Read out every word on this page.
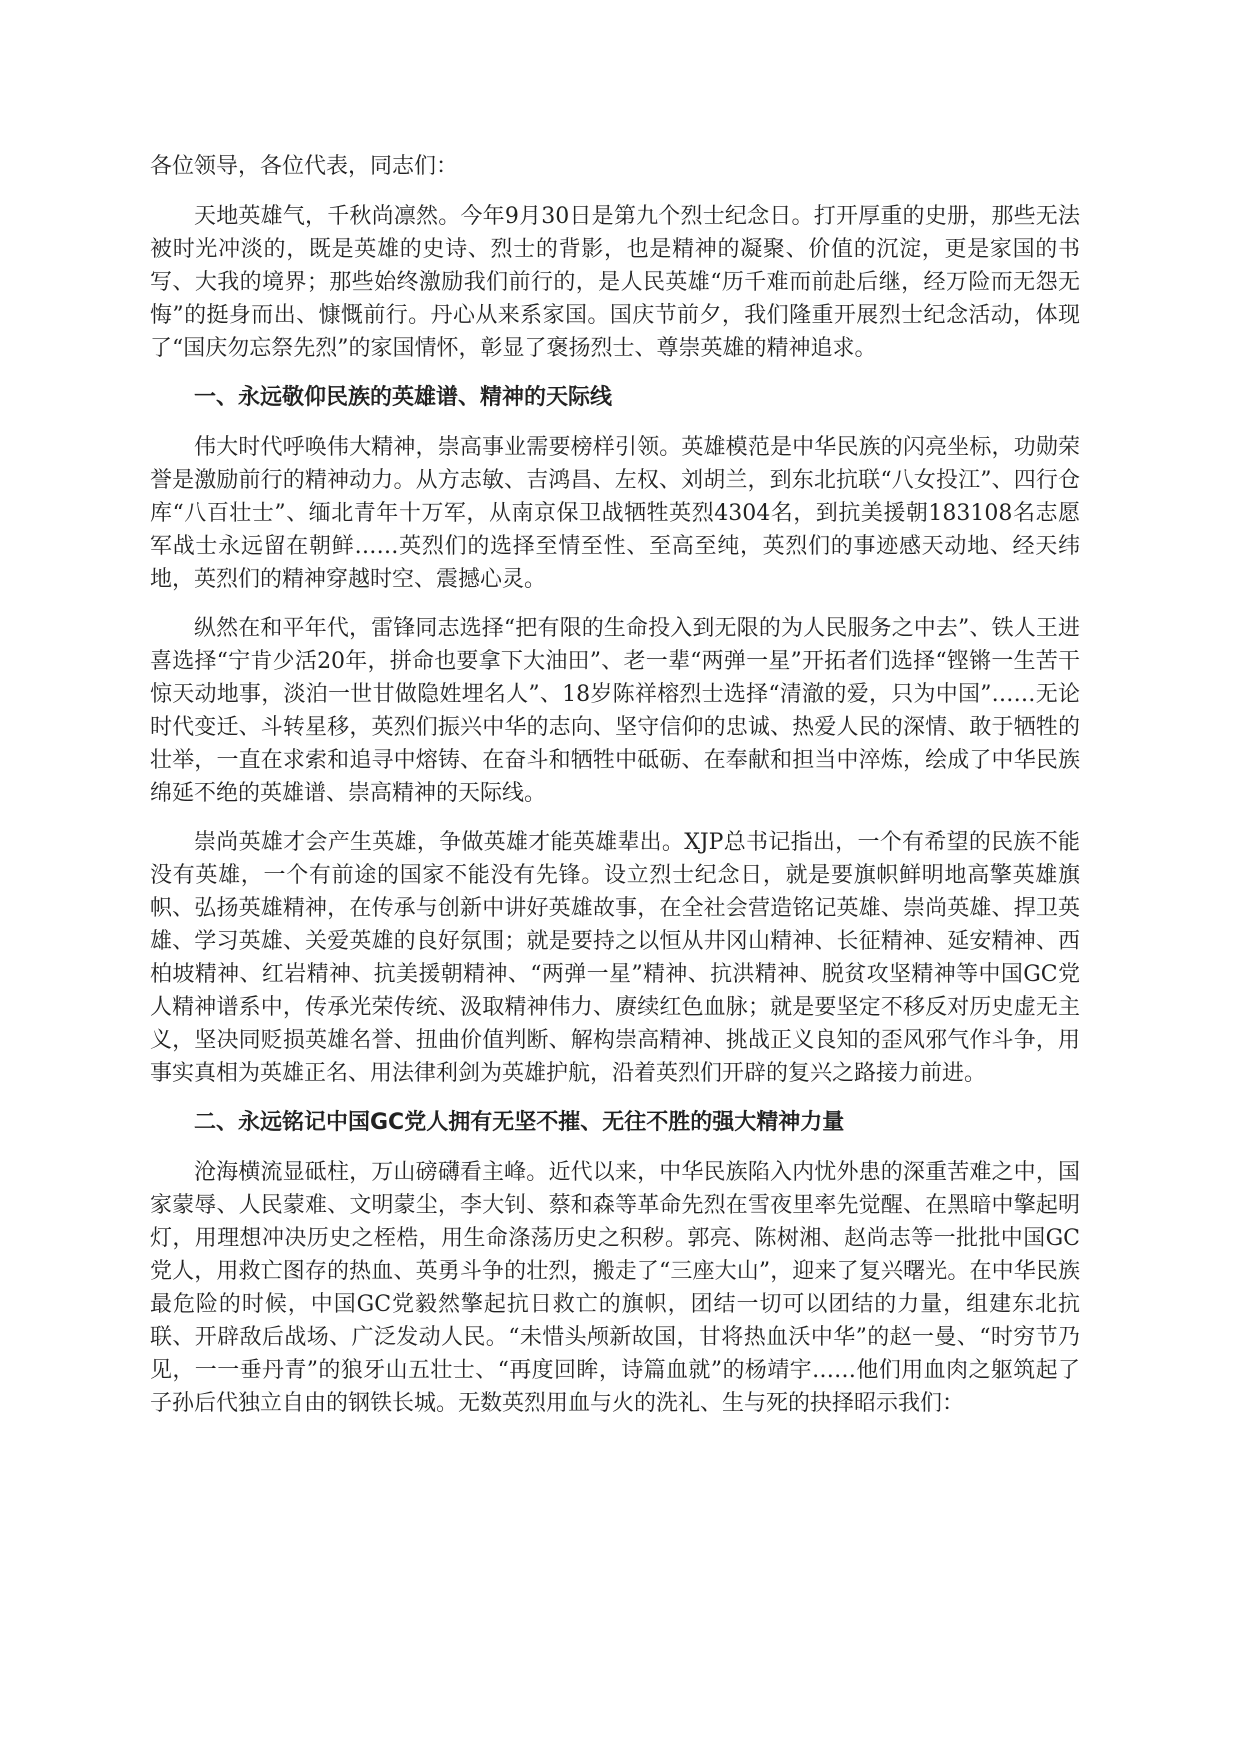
各位领导，各位代表，同志们：

天地英雄气，千秋尚凛然。今年9月30日是第九个烈士纪念日。打开厚重的史册，那些无法被时光冲淡的，既是英雄的史诗、烈士的背影，也是精神的凝聚、价值的沉淀，更是家国的书写、大我的境界；那些始终激励我们前行的，是人民英雄“历千难而前赴后继，经万险而无怨无悔”的挺身而出、慷慨前行。丹心从来系家国。国庆节前夕，我们隆重开展烈士纪念活动，体现了“国庆勿忘祭先烈”的家国情怀，彰显了褒扬烈士、尊崇英雄的精神追求。

一、永远敬仰民族的英雄谱、精神的天际线

伟大时代呼唤伟大精神，崇高事业需要榜样引领。英雄模范是中华民族的闪亮坐标，功勋荣誉是激励前行的精神动力。从方志敏、吉鸿昌、左权、刘胡兰，到东北抗联“八女投江”、四行仓库“八百壮士”、缅北青年十万军，从南京保卫战牺牲英烈4304名，到抗美援朝183108名志愿军战士永远留在朝鲜……英烈们的选择至情至性、至高至纯，英烈们的事迹感天动地、经天纬地，英烈们的精神穿越时空、震撼心灵。

纵然在和平年代，雷锋同志选择“把有限的生命投入到无限的为人民服务之中去”、铁人王进喜选择“宁肯少活20年，拼命也要拿下大油田”、老一辈“两弹一星”开拓者们选择“铿锵一生苦干惊天动地事，淡泊一世甘做隐姓埋名人”、18岁陈祥榕烈士选择“清澈的爱，只为中国”……无论时代变迁、斗转星移，英烈们振兴中华的志向、坚守信仰的忠诚、热爱人民的深情、敢于牺牲的壮举，一直在求索和追寻中熔铸、在奋斗和牺牲中砥砺、在奉献和担当中淬炼，绘成了中华民族绵延不绝的英雄谱、崇高精神的天际线。

崇尚英雄才会产生英雄，争做英雄才能英雄辈出。XJP总书记指出，一个有希望的民族不能没有英雄，一个有前途的国家不能没有先锋。设立烈士纪念日，就是要旗帜鲜明地高擎英雄旗帜、弘扬英雄精神，在传承与创新中讲好英雄故事，在全社会营造铭记英雄、崇尚英雄、捍卫英雄、学习英雄、关爱英雄的良好氛围；就是要持之以恒从井冈山精神、长征精神、延安精神、西柏坡精神、红岩精神、抗美援朝精神、“两弹一星”精神、抗洪精神、脱贫攻坚精神等中国GC党人精神谱系中，传承光荣传统、汲取精神伟力、赓续红色血脉；就是要坚定不移反对历史虚无主义，坚决同贬损英雄名誉、扭曲价值判断、解构崇高精神、挑战正义良知的歪风邪气作斗争，用事实真相为英雄正名、用法律利剑为英雄护航，沿着英烈们开辟的复兴之路接力前进。

二、永远铭记中国GC党人拥有无坚不摧、无往不胜的强大精神力量

沧海横流显砥柱，万山磅礴看主峰。近代以来，中华民族陷入内忧外患的深重苦难之中，国家蒙辱、人民蒙难、文明蒙尘，李大钊、蔡和森等革命先烈在雪夜里率先觉醒、在黑暗中擎起明灯，用理想冲决历史之桎梏，用生命涤荡历史之积秽。郭亮、陈树湘、赵尚志等一批批中国GC党人，用救亡图存的热血、英勇斗争的壮烈，搬走了“三座大山”，迎来了复兴曙光。在中华民族最危险的时候，中国GC党毅然擎起抗日救亡的旗帜，团结一切可以团结的力量，组建东北抗联、开辟敌后战场、广泛发动人民。“未惜头颅新故国，甘将热血沃中华”的赵一曼、“时穷节乃见，一一垂丹青”的狼牙山五壮士、“再度回眸，诗篇血就”的杨靖宇……他们用血肉之躯筑起了子孙后代独立自由的钢铁长城。无数英烈用血与火的洗礼、生与死的抉择昭示我们：
